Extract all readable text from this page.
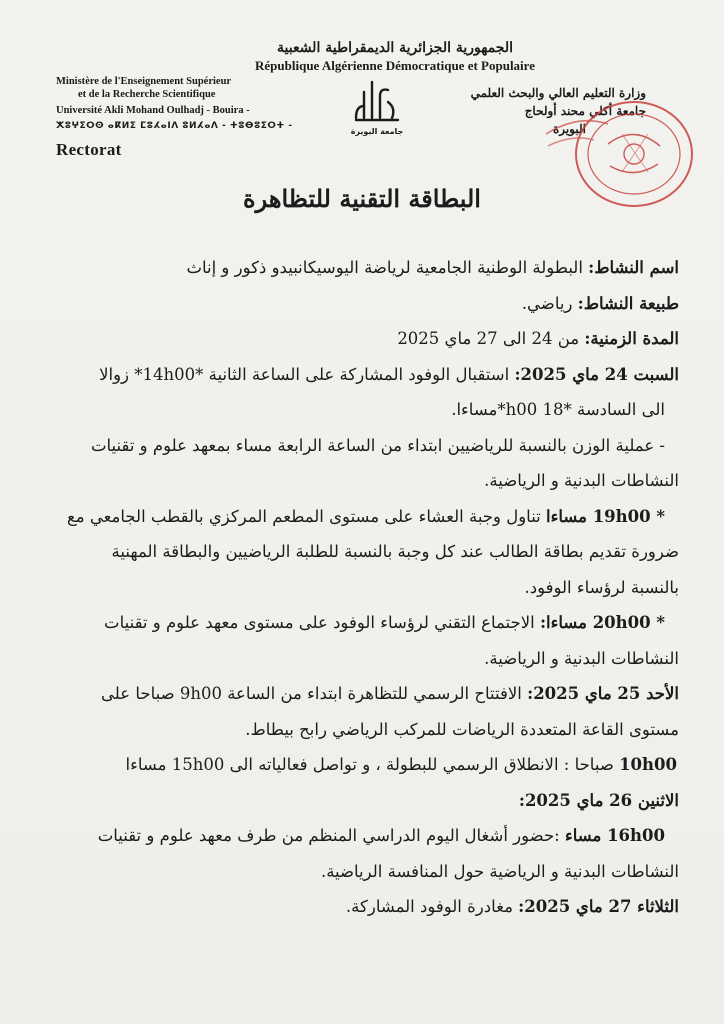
الجمهورية الجزائرية الديمقراطية الشعبية
République Algérienne Démocratique et Populaire
Ministère de l'Enseignement Supérieur
et de la Recherche Scientifique
Université Akli Mohand Oulhadj - Bouira -
ⵅⵓⵖⵉⵔⵙ ⴰⴽⵍⵉ ⵎⵓⵃⴰⵏⴷ ⵓⵍⵃⴰⴷ - ⵜⵓⴱⵓⵉⵔⵜ -
Rectorat
جامعة البويرة
وزارة التعليم العالي والبحث العلمي
جامعة أكلي محند أولحاج
البويرة
البطاقة التقنية للتظاهرة

اسم النشاط: البطولة الوطنية الجامعية لرياضة اليوسيكانبيدو ذكور و إناث

طبيعة النشاط: رياضي.

المدة الزمنية: من 24 الى 27 ماي 2025

السبت 24 ماي 2025: استقبال الوفود المشاركة على الساعة الثانية *14h00* زوالا

الى السادسة *18 h00*مساءا.

- عملية الوزن بالنسبة للرياضيين ابتداء من الساعة الرابعة مساء بمعهد علوم و تقنيات

النشاطات البدنية و الرياضية.

* 19h00 مساءا تناول وجبة العشاء على مستوى المطعم المركزي بالقطب الجامعي مع

ضرورة تقديم بطاقة الطالب عند كل وجبة بالنسبة للطلبة الرياضيين والبطاقة المهنية

بالنسبة لرؤساء الوفود.

* 20h00 مساءا: الاجتماع التقني لرؤساء الوفود على مستوى معهد علوم و تقنيات

النشاطات البدنية و الرياضية.

الأحد 25 ماي 2025: الافتتاح الرسمي للتظاهرة ابتداء من الساعة 9h00 صباحا على

مستوى القاعة المتعددة الرياضات للمركب الرياضي رابح بيطاط.

10h00 صباحا : الانطلاق الرسمي للبطولة ، و تواصل فعالياته الى 15h00 مساءا

الاثنين 26 ماي 2025:

16h00 مساء :حضور أشغال اليوم الدراسي المنظم من طرف معهد علوم و تقنيات

النشاطات البدنية و الرياضية حول المنافسة الرياضية.

الثلاثاء 27 ماي 2025: مغادرة الوفود المشاركة.
